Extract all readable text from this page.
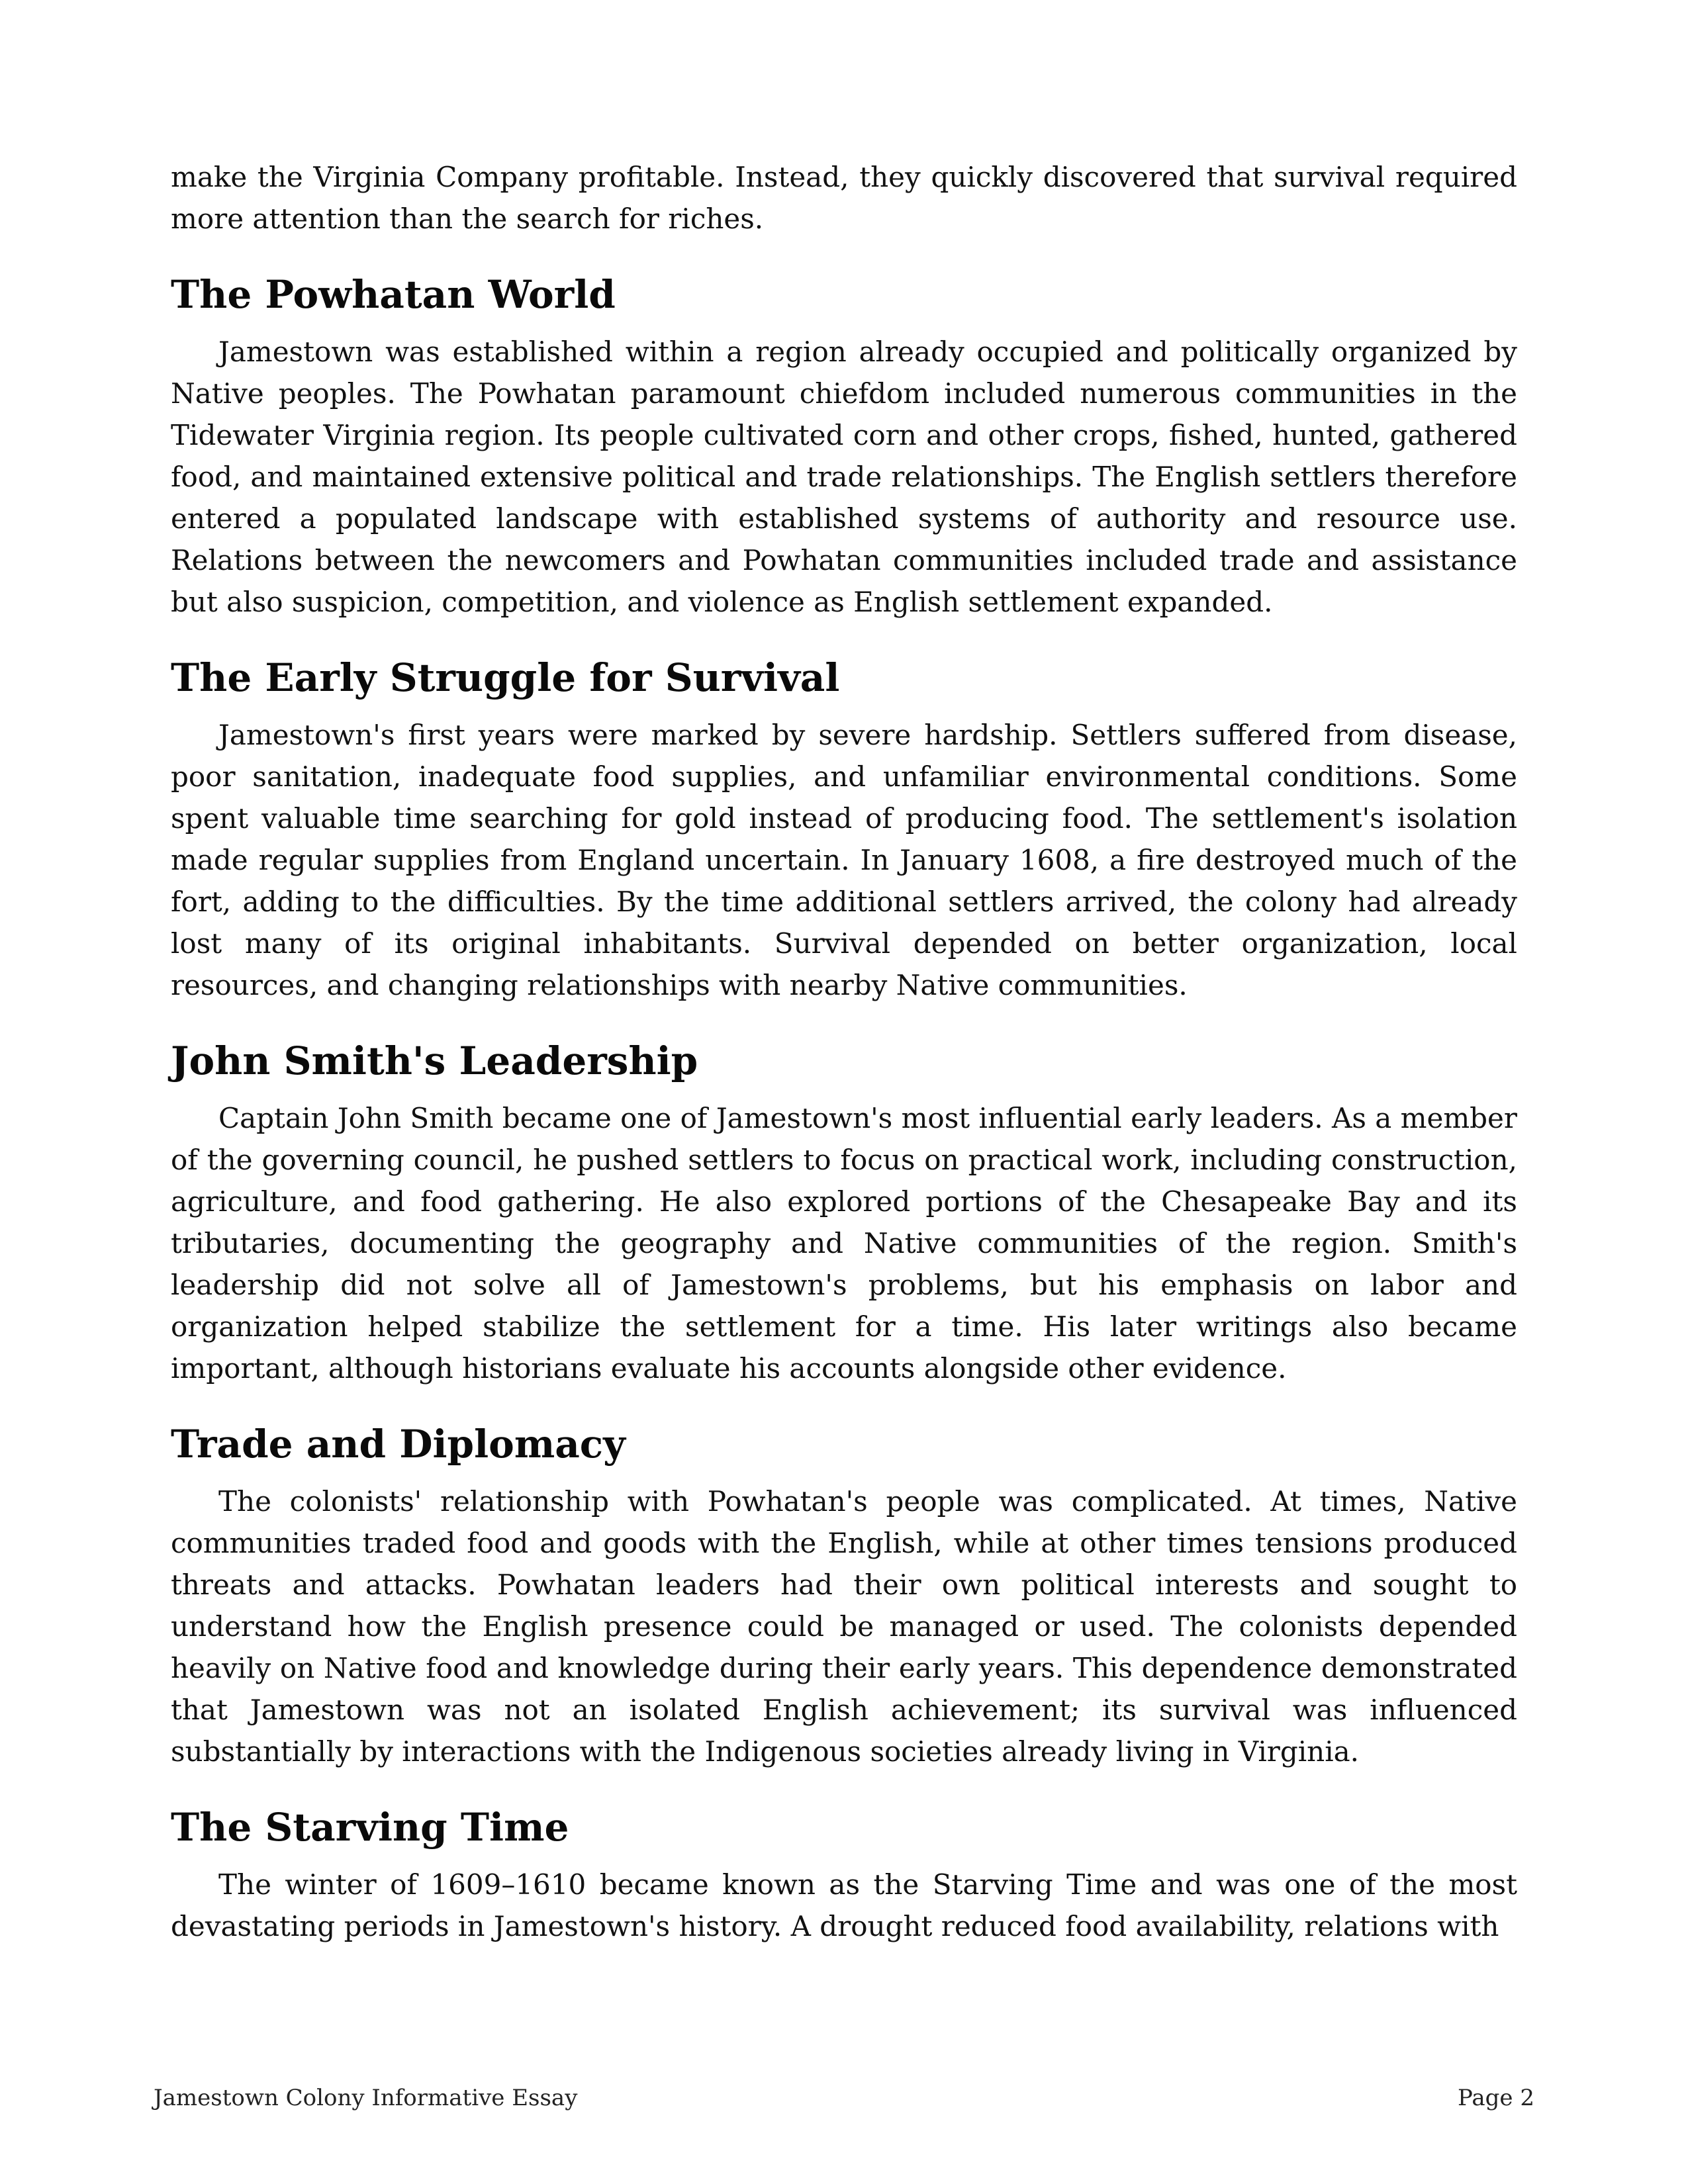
make the Virginia Company profitable. Instead, they quickly discovered that survival required more attention than the search for riches.

The Powhatan World

Jamestown was established within a region already occupied and politically organized by Native peoples. The Powhatan paramount chiefdom included numerous communities in the Tidewater Virginia region. Its people cultivated corn and other crops, fished, hunted, gathered food, and maintained extensive political and trade relationships. The English settlers therefore entered a populated landscape with established systems of authority and resource use. Relations between the newcomers and Powhatan communities included trade and assistance but also suspicion, competition, and violence as English settlement expanded.

The Early Struggle for Survival

Jamestown's first years were marked by severe hardship. Settlers suffered from disease, poor sanitation, inadequate food supplies, and unfamiliar environmental conditions. Some spent valuable time searching for gold instead of producing food. The settlement's isolation made regular supplies from England uncertain. In January 1608, a fire destroyed much of the fort, adding to the difficulties. By the time additional settlers arrived, the colony had already lost many of its original inhabitants. Survival depended on better organization, local resources, and changing relationships with nearby Native communities.

John Smith's Leadership

Captain John Smith became one of Jamestown's most influential early leaders. As a member of the governing council, he pushed settlers to focus on practical work, including construction, agriculture, and food gathering. He also explored portions of the Chesapeake Bay and its tributaries, documenting the geography and Native communities of the region. Smith's leadership did not solve all of Jamestown's problems, but his emphasis on labor and organization helped stabilize the settlement for a time. His later writings also became important, although historians evaluate his accounts alongside other evidence.

Trade and Diplomacy

The colonists' relationship with Powhatan's people was complicated. At times, Native communities traded food and goods with the English, while at other times tensions produced threats and attacks. Powhatan leaders had their own political interests and sought to understand how the English presence could be managed or used. The colonists depended heavily on Native food and knowledge during their early years. This dependence demonstrated that Jamestown was not an isolated English achievement; its survival was influenced substantially by interactions with the Indigenous societies already living in Virginia.

The Starving Time

The winter of 1609–1610 became known as the Starving Time and was one of the most devastating periods in Jamestown's history. A drought reduced food availability, relations with

Jamestown Colony Informative Essay	Page 2
